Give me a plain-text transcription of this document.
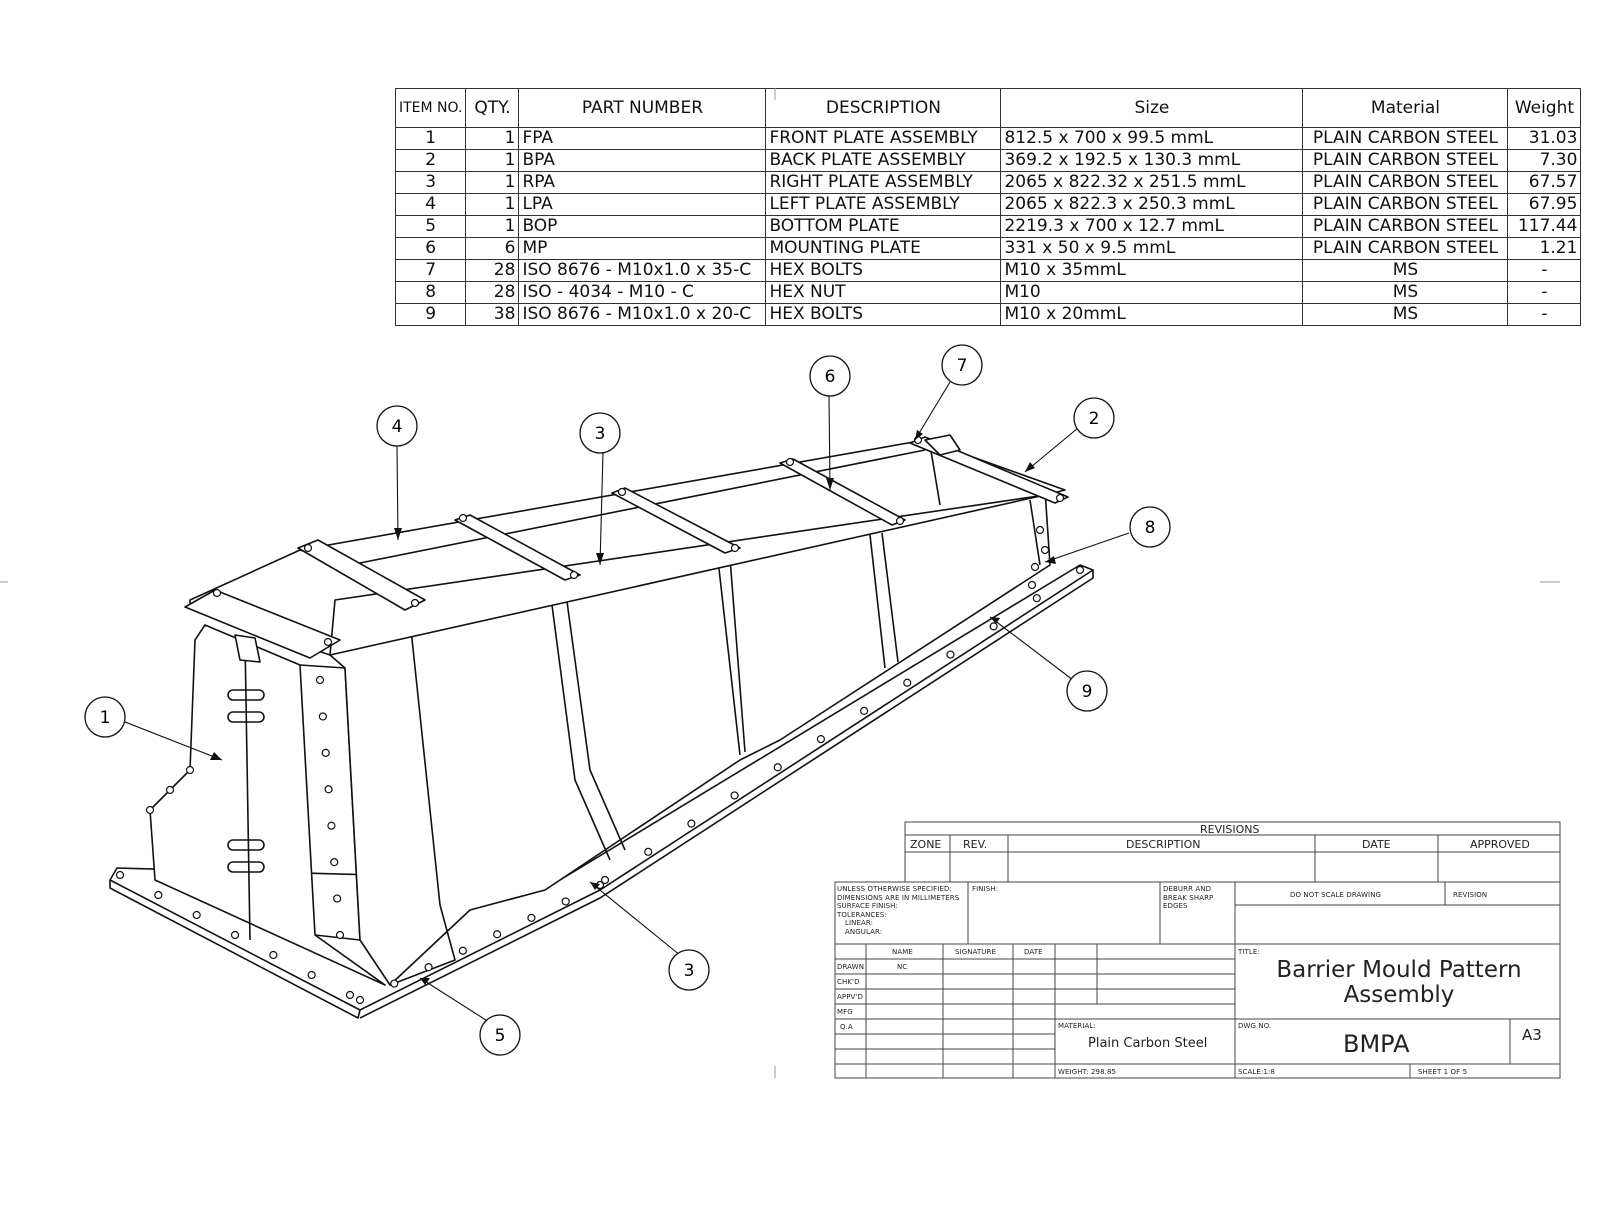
ITEM NO.	QTY.	PART NUMBER	DESCRIPTION	Size	Material	Weight
1	1	FPA	FRONT PLATE ASSEMBLY	812.5 x 700 x 99.5 mmL	PLAIN CARBON STEEL	31.03
2	1	BPA	BACK PLATE ASSEMBLY	369.2 x 192.5 x 130.3 mmL	PLAIN CARBON STEEL	7.30
3	1	RPA	RIGHT PLATE ASSEMBLY	2065 x 822.32 x 251.5 mmL	PLAIN CARBON STEEL	67.57
4	1	LPA	LEFT PLATE ASSEMBLY	2065 x 822.3 x 250.3 mmL	PLAIN CARBON STEEL	67.95
5	1	BOP	BOTTOM PLATE	2219.3 x 700 x 12.7 mmL	PLAIN CARBON STEEL	117.44
6	6	MP	MOUNTING PLATE	331 x 50 x 9.5 mmL	PLAIN CARBON STEEL	1.21
7	28	ISO 8676 - M10x1.0 x 35-C	HEX BOLTS	M10 x 35mmL	MS	-
8	28	ISO - 4034 - M10 - C	HEX NUT	M10	MS	-
9	38	ISO 8676 - M10x1.0 x 20-C	HEX BOLTS	M10 x 20mmL	MS	-
1
2
3
3
4
5
6
7
8
9
REVISIONS
ZONE REV.	DESCRIPTION	DATE	APPROVED
UNLESS OTHERWISE SPECIFIED:
DIMENSIONS ARE IN MILLIMETERS
SURFACE FINISH:
TOLERANCES:
LINEAR:
ANGULAR:
FINISH:	DEBURR AND
BREAK SHARP
EDGES
DO NOT SCALE DRAWING	REVISION
NAME	SIGNATURE	DATE
DRAWN	NC
CHK'D
APPV'D
MFG
Q.A
TITLE:
Barrier Mould Pattern
Assembly
MATERIAL:
Plain Carbon Steel
DWG NO.
BMPA	A3
WEIGHT: 298.85	SCALE:1:8	SHEET 1 OF 5
